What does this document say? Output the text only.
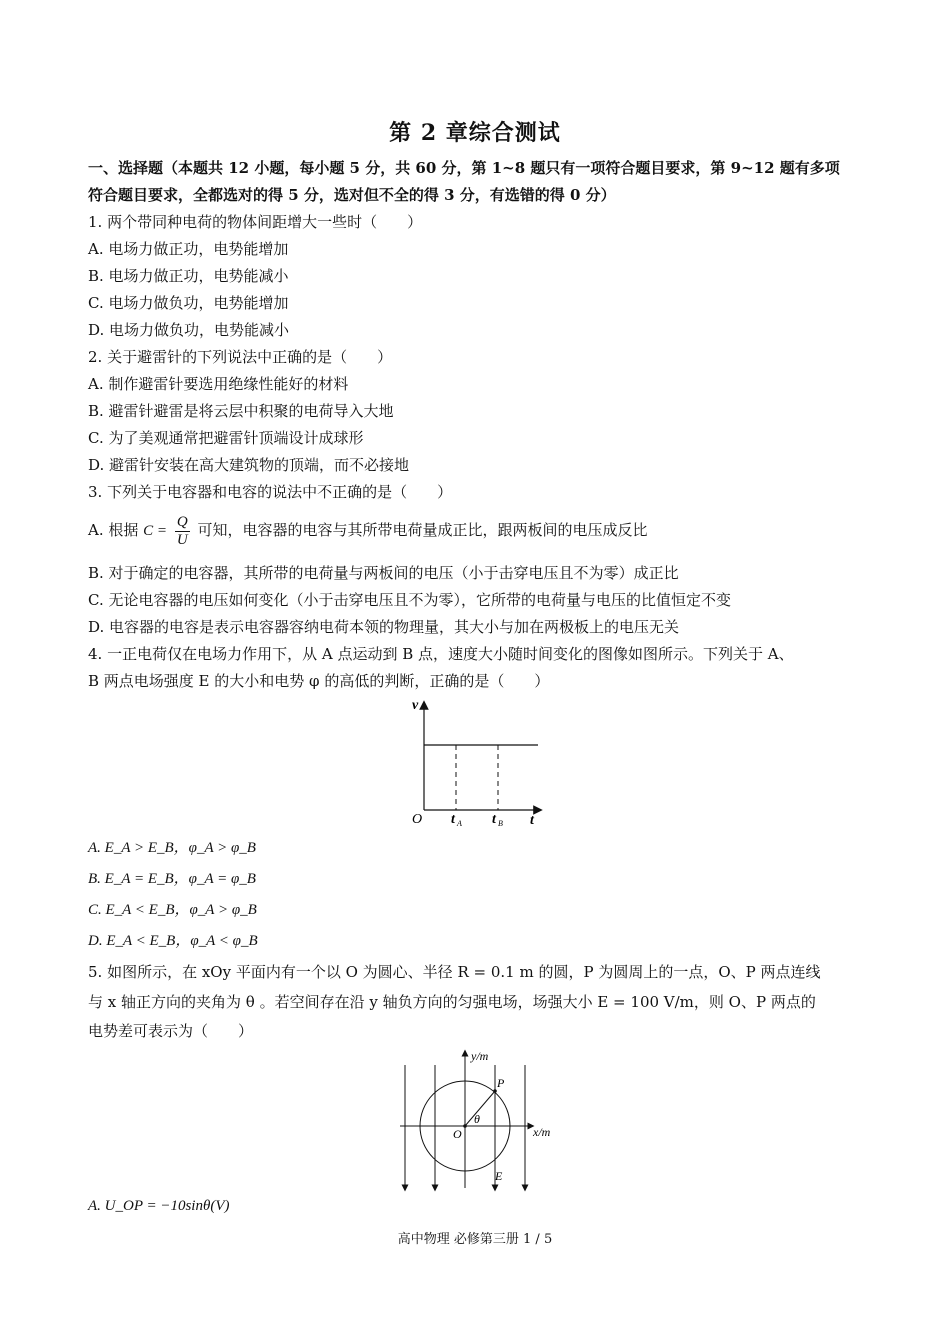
第 2 章综合测试
一、选择题（本题共 12 小题，每小题 5 分，共 60 分，第 1~8 题只有一项符合题目要求，第 9~12 题有多项
符合题目要求，全都选对的得 5 分，选对但不全的得 3 分，有选错的得 0 分）
1. 两个带同种电荷的物体间距增大一些时（　　）
A. 电场力做正功，电势能增加
B. 电场力做正功，电势能减小
C. 电场力做负功，电势能增加
D. 电场力做负功，电势能减小
2. 关于避雷针的下列说法中正确的是（　　）
A. 制作避雷针要选用绝缘性能好的材料
B. 避雷针避雷是将云层中积聚的电荷导入大地
C. 为了美观通常把避雷针顶端设计成球形
D. 避雷针安装在高大建筑物的顶端，而不必接地
3. 下列关于电容器和电容的说法中不正确的是（　　）
A. 根据 $C = \frac{Q}{U}$ 可知，电容器的电容与其所带电荷量成正比，跟两板间的电压成反比
B. 对于确定的电容器，其所带的电荷量与两板间的电压（小于击穿电压且不为零）成正比
C. 无论电容器的电压如何变化（小于击穿电压且不为零），它所带的电荷量与电压的比值恒定不变
D. 电容器的电容是表示电容器容纳电荷本领的物理量，其大小与加在两极板上的电压无关
4. 一正电荷仅在电场力作用下，从 A 点运动到 B 点，速度大小随时间变化的图像如图所示。下列关于 A、
B 两点电场强度 E 的大小和电势 φ 的高低的判断，正确的是（　　）
v
t
O t A t B
A. E_A > E_B，φ_A > φ_B
B. E_A = E_B，φ_A = φ_B
C. E_A < E_B，φ_A > φ_B
D. E_A < E_B，φ_A < φ_B
5. 如图所示，在 xOy 平面内有一个以 O 为圆心、半径 R = 0.1 m 的圆，P 为圆周上的一点，O、P 两点连线
与 x 轴正方向的夹角为 θ 。若空间存在沿 y 轴负方向的匀强电场，场强大小 E = 100 V/m，则 O、P 两点的
电势差可表示为（　　）
y/m
x/m
O
P
θ
E
A. U_OP = −10sinθ(V)
高中物理 必修第三册 1 / 5
